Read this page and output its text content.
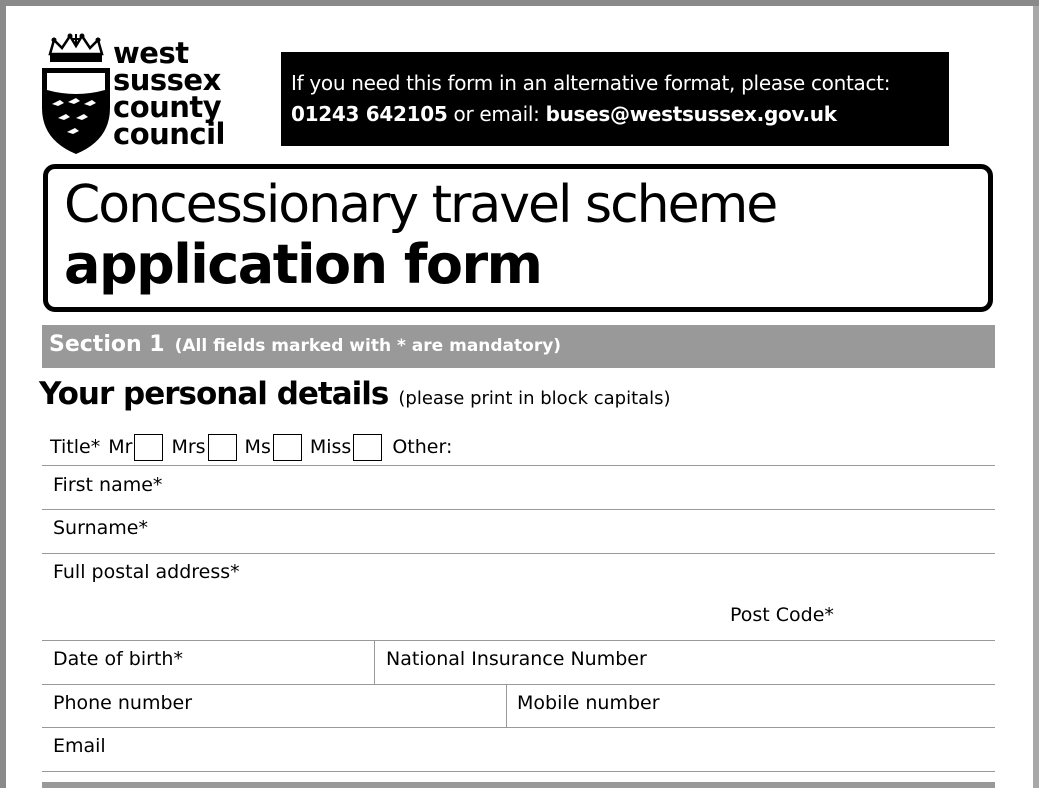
west
sussex
county
council
If you need this form in an alternative format, please contact:
01243 642105 or email: buses@westsussex.gov.uk
Concessionary travel scheme
application form
Section 1 (All fields marked with * are mandatory)
Your personal details (please print in block capitals)
Title* Mr Mrs Ms Miss Other:
First name*
Surname*
Full postal address*
Post Code*
Date of birth*	National Insurance Number
Phone number	Mobile number
Email
